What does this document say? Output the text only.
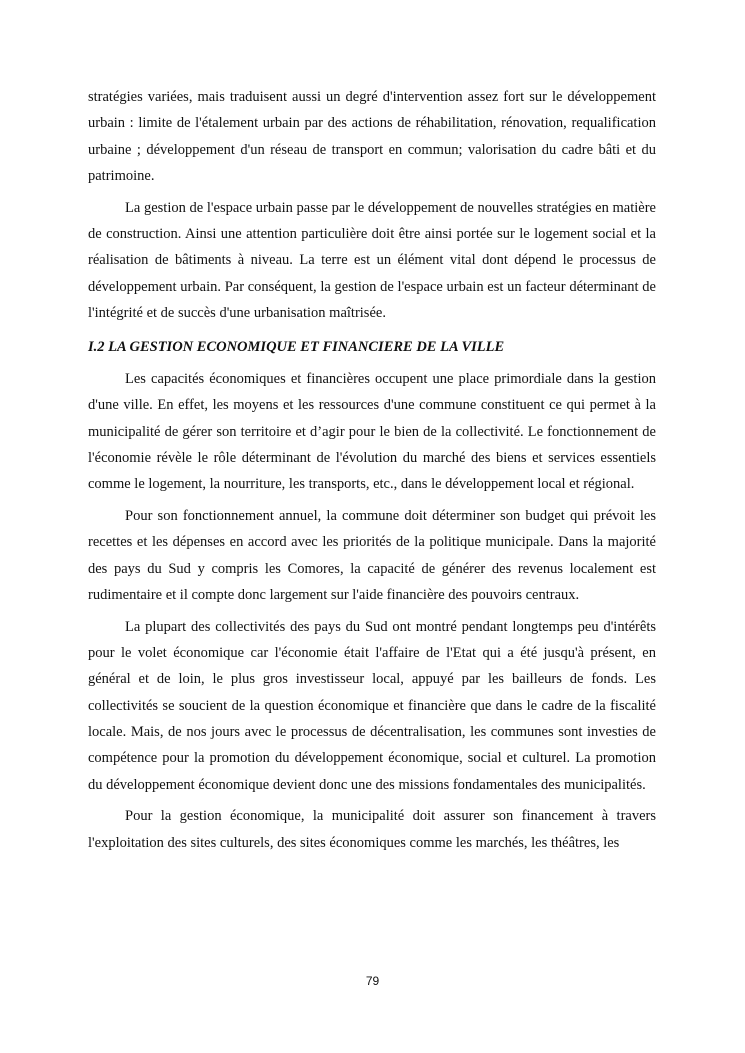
stratégies variées, mais traduisent aussi un degré d'intervention assez fort sur le développement urbain : limite de l'étalement urbain par des actions de réhabilitation, rénovation, requalification urbaine ; développement d'un réseau de transport en commun; valorisation du cadre bâti et du patrimoine.

La gestion de l'espace urbain passe par le développement de nouvelles stratégies en matière de construction. Ainsi une attention particulière doit être ainsi portée sur le logement social et la réalisation de bâtiments à niveau. La terre est un élément vital dont dépend le processus de développement urbain. Par conséquent, la gestion de l'espace urbain est un facteur déterminant de l'intégrité et de succès d'une urbanisation maîtrisée.

I.2 LA GESTION ECONOMIQUE ET FINANCIERE DE LA VILLE

Les capacités économiques et financières occupent une place primordiale dans la gestion d'une ville. En effet, les moyens et les ressources d'une commune constituent ce qui permet à la municipalité de gérer son territoire et d’agir pour le bien de la collectivité. Le fonctionnement de l'économie révèle le rôle déterminant de l'évolution du marché des biens et services essentiels comme le logement, la nourriture, les transports, etc., dans le développement local et régional.

Pour son fonctionnement annuel, la commune doit déterminer son budget qui prévoit les recettes et les dépenses en accord avec les priorités de la politique municipale. Dans la majorité des pays du Sud y compris les Comores, la capacité de générer des revenus localement est rudimentaire et il compte donc largement sur l'aide financière des pouvoirs centraux.

La plupart des collectivités des pays du Sud ont montré pendant longtemps peu d'intérêts pour le volet économique car l'économie était l'affaire de l'Etat qui a été jusqu'à présent, en général et de loin, le plus gros investisseur local, appuyé par les bailleurs de fonds. Les collectivités se soucient de la question économique et financière que dans le cadre de la fiscalité locale. Mais, de nos jours avec le processus de décentralisation, les communes sont investies de compétence pour la promotion du développement économique, social et culturel. La promotion du développement économique devient donc une des missions fondamentales des municipalités.

Pour la gestion économique, la municipalité doit assurer son financement à travers l'exploitation des sites culturels, des sites économiques comme les marchés, les théâtres, les

79
